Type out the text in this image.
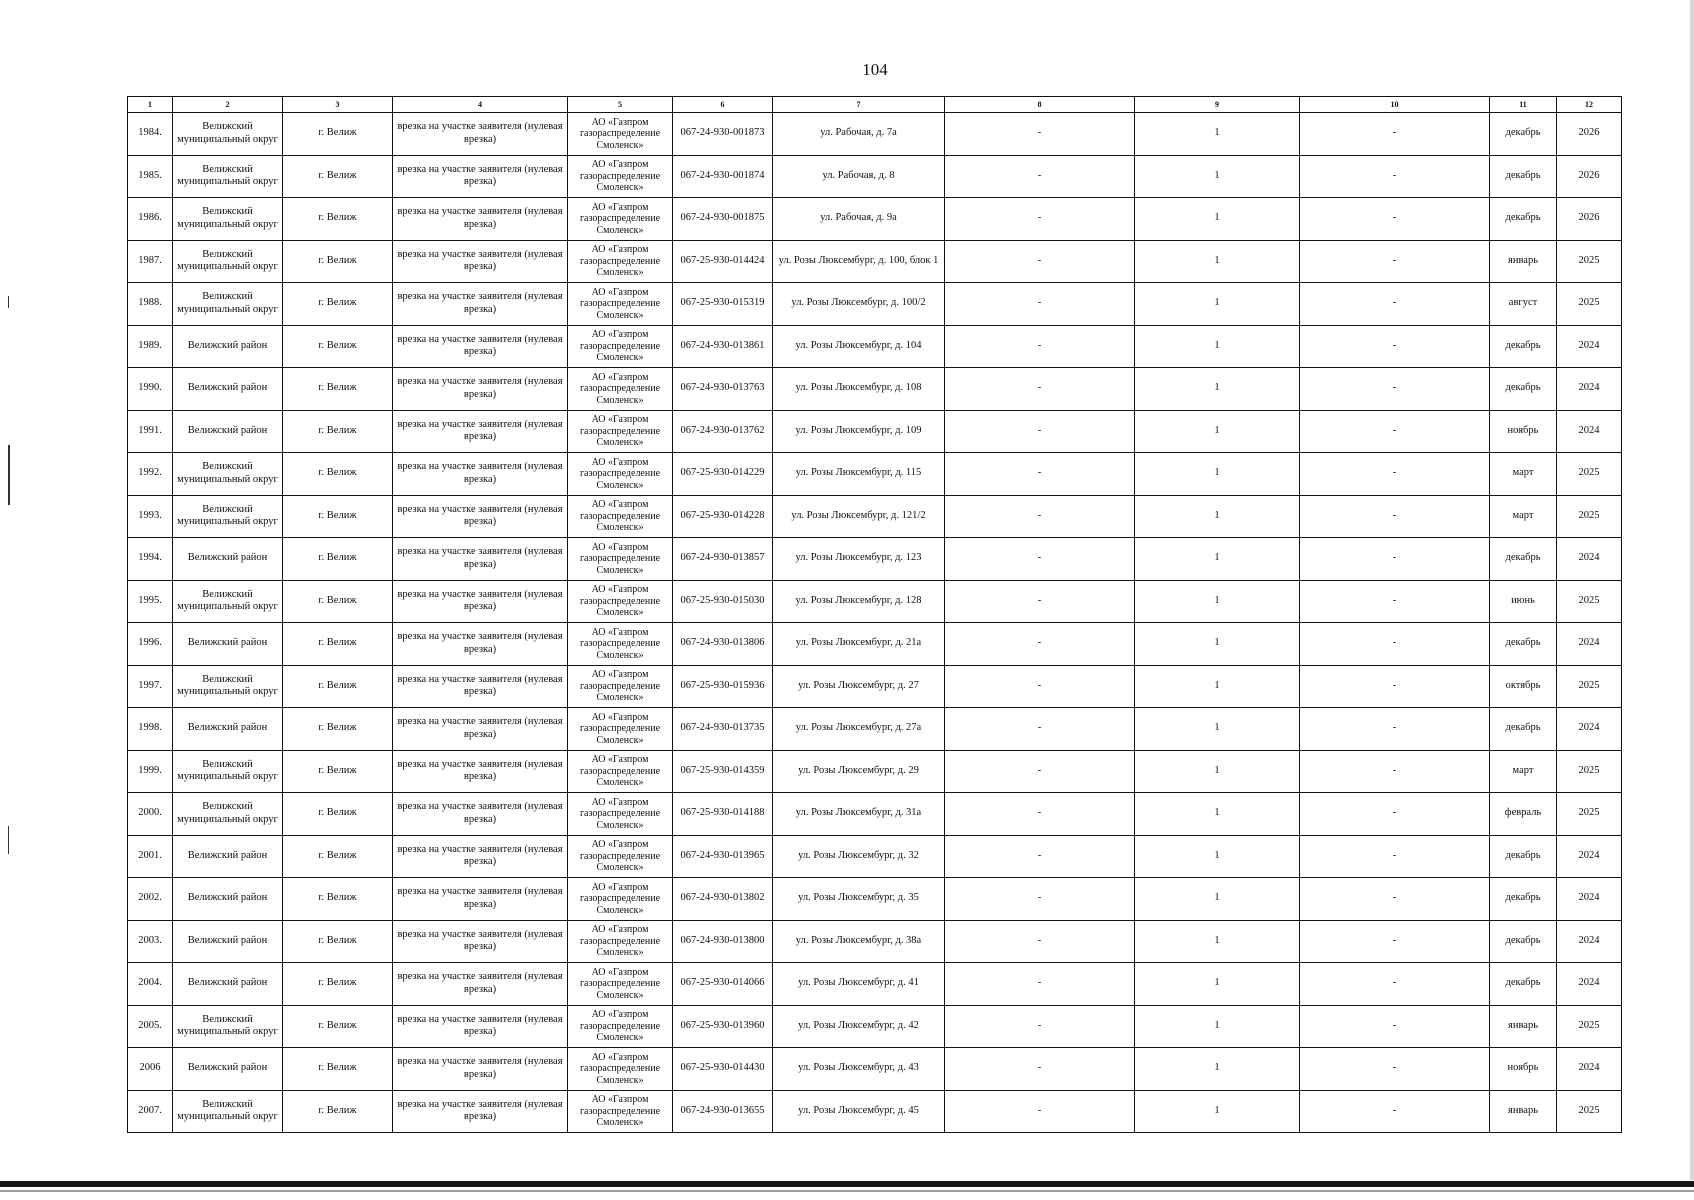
104
1	2	3	4	5	6	7	8	9	10	11	12
1984.	Велижский муниципальный округ	г. Велиж	врезка на участке заявителя (нулевая врезка)	АО «Газпром газораспределение Смоленск»	067-24-930-001873	ул. Рабочая, д. 7а	-	1	-	декабрь	2026
1985.	Велижский муниципальный округ	г. Велиж	врезка на участке заявителя (нулевая врезка)	АО «Газпром газораспределение Смоленск»	067-24-930-001874	ул. Рабочая, д. 8	-	1	-	декабрь	2026
1986.	Велижский муниципальный округ	г. Велиж	врезка на участке заявителя (нулевая врезка)	АО «Газпром газораспределение Смоленск»	067-24-930-001875	ул. Рабочая, д. 9а	-	1	-	декабрь	2026
1987.	Велижский муниципальный округ	г. Велиж	врезка на участке заявителя (нулевая врезка)	АО «Газпром газораспределение Смоленск»	067-25-930-014424	ул. Розы Люксембург, д. 100, блок 1	-	1	-	январь	2025
1988.	Велижский муниципальный округ	г. Велиж	врезка на участке заявителя (нулевая врезка)	АО «Газпром газораспределение Смоленск»	067-25-930-015319	ул. Розы Люксембург, д. 100/2	-	1	-	август	2025
1989.	Велижский район	г. Велиж	врезка на участке заявителя (нулевая врезка)	АО «Газпром газораспределение Смоленск»	067-24-930-013861	ул. Розы Люксембург, д. 104	-	1	-	декабрь	2024
1990.	Велижский район	г. Велиж	врезка на участке заявителя (нулевая врезка)	АО «Газпром газораспределение Смоленск»	067-24-930-013763	ул. Розы Люксембург, д. 108	-	1	-	декабрь	2024
1991.	Велижский район	г. Велиж	врезка на участке заявителя (нулевая врезка)	АО «Газпром газораспределение Смоленск»	067-24-930-013762	ул. Розы Люксембург, д. 109	-	1	-	ноябрь	2024
1992.	Велижский муниципальный округ	г. Велиж	врезка на участке заявителя (нулевая врезка)	АО «Газпром газораспределение Смоленск»	067-25-930-014229	ул. Розы Люксембург, д. 115	-	1	-	март	2025
1993.	Велижский муниципальный округ	г. Велиж	врезка на участке заявителя (нулевая врезка)	АО «Газпром газораспределение Смоленск»	067-25-930-014228	ул. Розы Люксембург, д. 121/2	-	1	-	март	2025
1994.	Велижский район	г. Велиж	врезка на участке заявителя (нулевая врезка)	АО «Газпром газораспределение Смоленск»	067-24-930-013857	ул. Розы Люксембург, д. 123	-	1	-	декабрь	2024
1995.	Велижский муниципальный округ	г. Велиж	врезка на участке заявителя (нулевая врезка)	АО «Газпром газораспределение Смоленск»	067-25-930-015030	ул. Розы Люксембург, д. 128	-	1	-	июнь	2025
1996.	Велижский район	г. Велиж	врезка на участке заявителя (нулевая врезка)	АО «Газпром газораспределение Смоленск»	067-24-930-013806	ул. Розы Люксембург, д. 21а	-	1	-	декабрь	2024
1997.	Велижский муниципальный округ	г. Велиж	врезка на участке заявителя (нулевая врезка)	АО «Газпром газораспределение Смоленск»	067-25-930-015936	ул. Розы Люксембург, д. 27	-	1	-	октябрь	2025
1998.	Велижский район	г. Велиж	врезка на участке заявителя (нулевая врезка)	АО «Газпром газораспределение Смоленск»	067-24-930-013735	ул. Розы Люксембург, д. 27а	-	1	-	декабрь	2024
1999.	Велижский муниципальный округ	г. Велиж	врезка на участке заявителя (нулевая врезка)	АО «Газпром газораспределение Смоленск»	067-25-930-014359	ул. Розы Люксембург, д. 29	-	1	-	март	2025
2000.	Велижский муниципальный округ	г. Велиж	врезка на участке заявителя (нулевая врезка)	АО «Газпром газораспределение Смоленск»	067-25-930-014188	ул. Розы Люксембург, д. 31а	-	1	-	февраль	2025
2001.	Велижский район	г. Велиж	врезка на участке заявителя (нулевая врезка)	АО «Газпром газораспределение Смоленск»	067-24-930-013965	ул. Розы Люксембург, д. 32	-	1	-	декабрь	2024
2002.	Велижский район	г. Велиж	врезка на участке заявителя (нулевая врезка)	АО «Газпром газораспределение Смоленск»	067-24-930-013802	ул. Розы Люксембург, д. 35	-	1	-	декабрь	2024
2003.	Велижский район	г. Велиж	врезка на участке заявителя (нулевая врезка)	АО «Газпром газораспределение Смоленск»	067-24-930-013800	ул. Розы Люксембург, д. 38а	-	1	-	декабрь	2024
2004.	Велижский район	г. Велиж	врезка на участке заявителя (нулевая врезка)	АО «Газпром газораспределение Смоленск»	067-25-930-014066	ул. Розы Люксембург, д. 41	-	1	-	декабрь	2024
2005.	Велижский муниципальный округ	г. Велиж	врезка на участке заявителя (нулевая врезка)	АО «Газпром газораспределение Смоленск»	067-25-930-013960	ул. Розы Люксембург, д. 42	-	1	-	январь	2025
2006	Велижский район	г. Велиж	врезка на участке заявителя (нулевая врезка)	АО «Газпром газораспределение Смоленск»	067-25-930-014430	ул. Розы Люксембург, д. 43	-	1	-	ноябрь	2024
2007.	Велижский муниципальный округ	г. Велиж	врезка на участке заявителя (нулевая врезка)	АО «Газпром газораспределение Смоленск»	067-24-930-013655	ул. Розы Люксембург, д. 45	-	1	-	январь	2025
